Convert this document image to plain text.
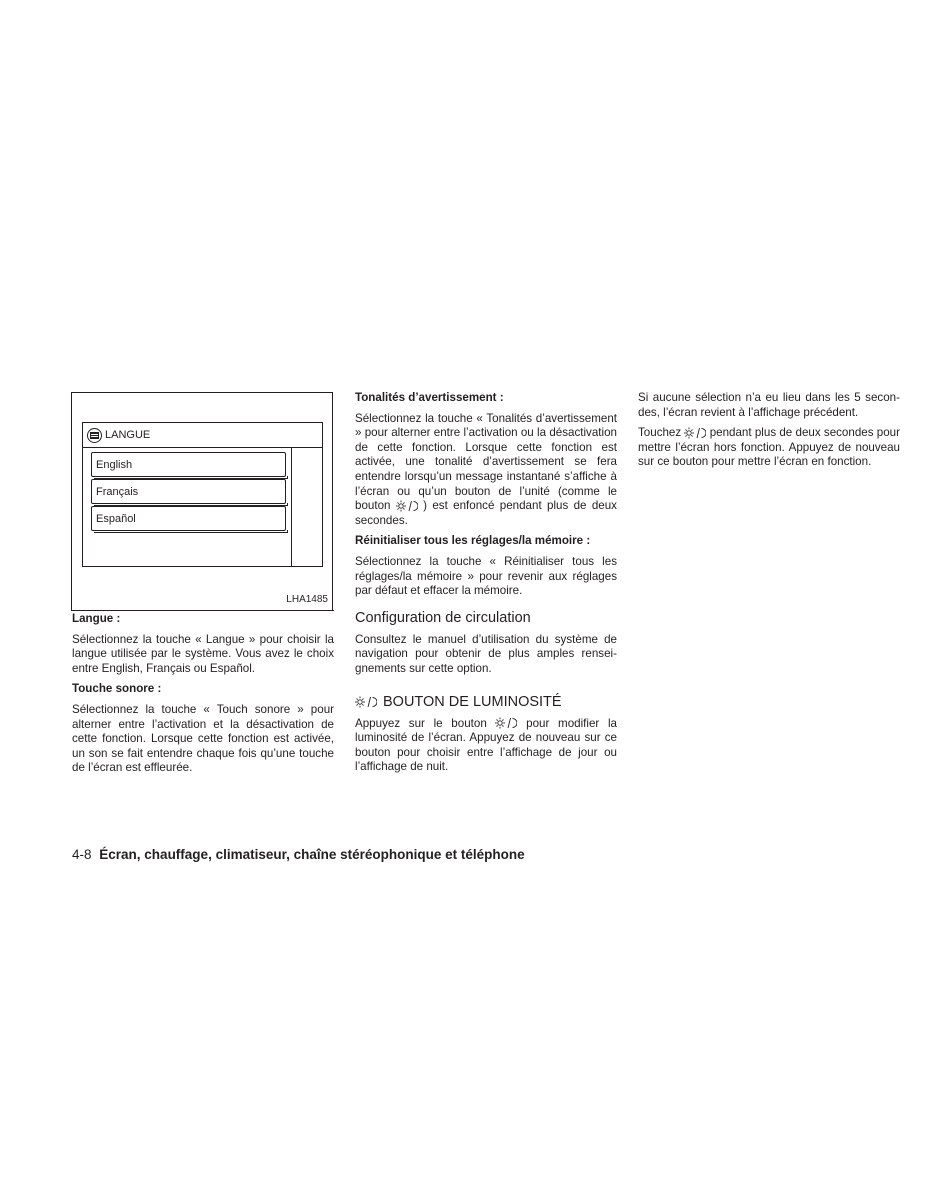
LANGUE
English
Français
Español
LHA1485
Langue :

Sélectionnez la touche « Langue » pour choisir la langue utilisée par le système. Vous avez le choix entre English, Français ou Español.

Touche sonore :

Sélectionnez la touche « Touch sonore » pour alterner entre l’activation et la désactivation de cette fonction. Lorsque cette fonction est activée, un son se fait entendre chaque fois qu’une touche de l’écran est effleurée.

Tonalités d’avertissement :

Sélectionnez la touche « Tonalités d’avertissement » pour alterner entre l’activation ou la désactivation de cette fonction. Lorsque cette fonction est activée, une tonalité d’avertissement se fera entendre lorsqu’un message instantané s’affiche à l’écran ou qu’un bouton de l’unité (comme le bouton	) est enfoncé pendant plus de deux secondes.

Réinitialiser tous les réglages/la mémoire :

Sélectionnez la touche « Réinitialiser tous les réglages/la mémoire » pour revenir aux réglages par défaut et effacer la mémoire.

Configuration de circulation

Consultez le manuel d’utilisation du système de navigation pour obtenir de plus amples renseignements sur cette option.

BOUTON DE LUMINOSITÉ

Appuyez sur le bouton	pour modifier la luminosité de l’écran. Appuyez de nouveau sur ce bouton pour choisir entre l’affichage de jour ou l’affichage de nuit.

Si aucune sélection n’a eu lieu dans les 5 secondes, l’écran revient à l’affichage précédent.

Touchez pendant plus de deux secondes pour mettre l’écran hors fonction. Appuyez de nouveau sur ce bouton pour mettre l’écran en fonction.

4-8 Écran, chauffage, climatiseur, chaîne stéréophonique et téléphone
